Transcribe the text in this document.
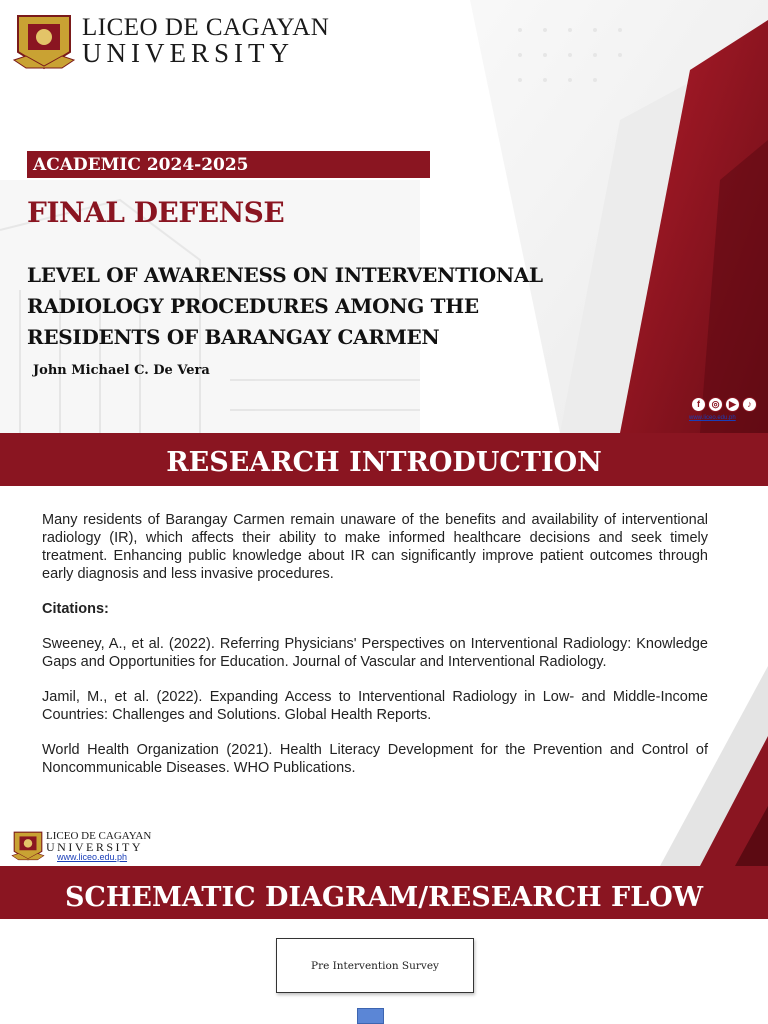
LICEO DE CAGAYAN
UNIVERSITY
ACADEMIC 2024-2025
FINAL DEFENSE
LEVEL OF AWARENESS ON INTERVENTIONAL
RADIOLOGY PROCEDURES AMONG THE
RESIDENTS OF BARANGAY CARMEN
John Michael C. De Vera
f	◎	▶	♪
www.liceo.edu.ph
RESEARCH INTRODUCTION

Many residents of Barangay Carmen remain unaware of the benefits and availability of interventional radiology (IR), which affects their ability to make informed healthcare decisions and seek timely treatment. Enhancing public knowledge about IR can significantly improve patient outcomes through early diagnosis and less invasive procedures.

Citations:

Sweeney, A., et al. (2022). Referring Physicians' Perspectives on Interventional Radiology: Knowledge Gaps and Opportunities for Education. Journal of Vascular and Interventional Radiology.

Jamil, M., et al. (2022). Expanding Access to Interventional Radiology in Low- and Middle-Income Countries: Challenges and Solutions. Global Health Reports.

World Health Organization (2021). Health Literacy Development for the Prevention and Control of Noncommunicable Diseases. WHO Publications.

LICEO DE CAGAYAN
UNIVERSITY
www.liceo.edu.ph
SCHEMATIC DIAGRAM/RESEARCH FLOW
Pre Intervention Survey
